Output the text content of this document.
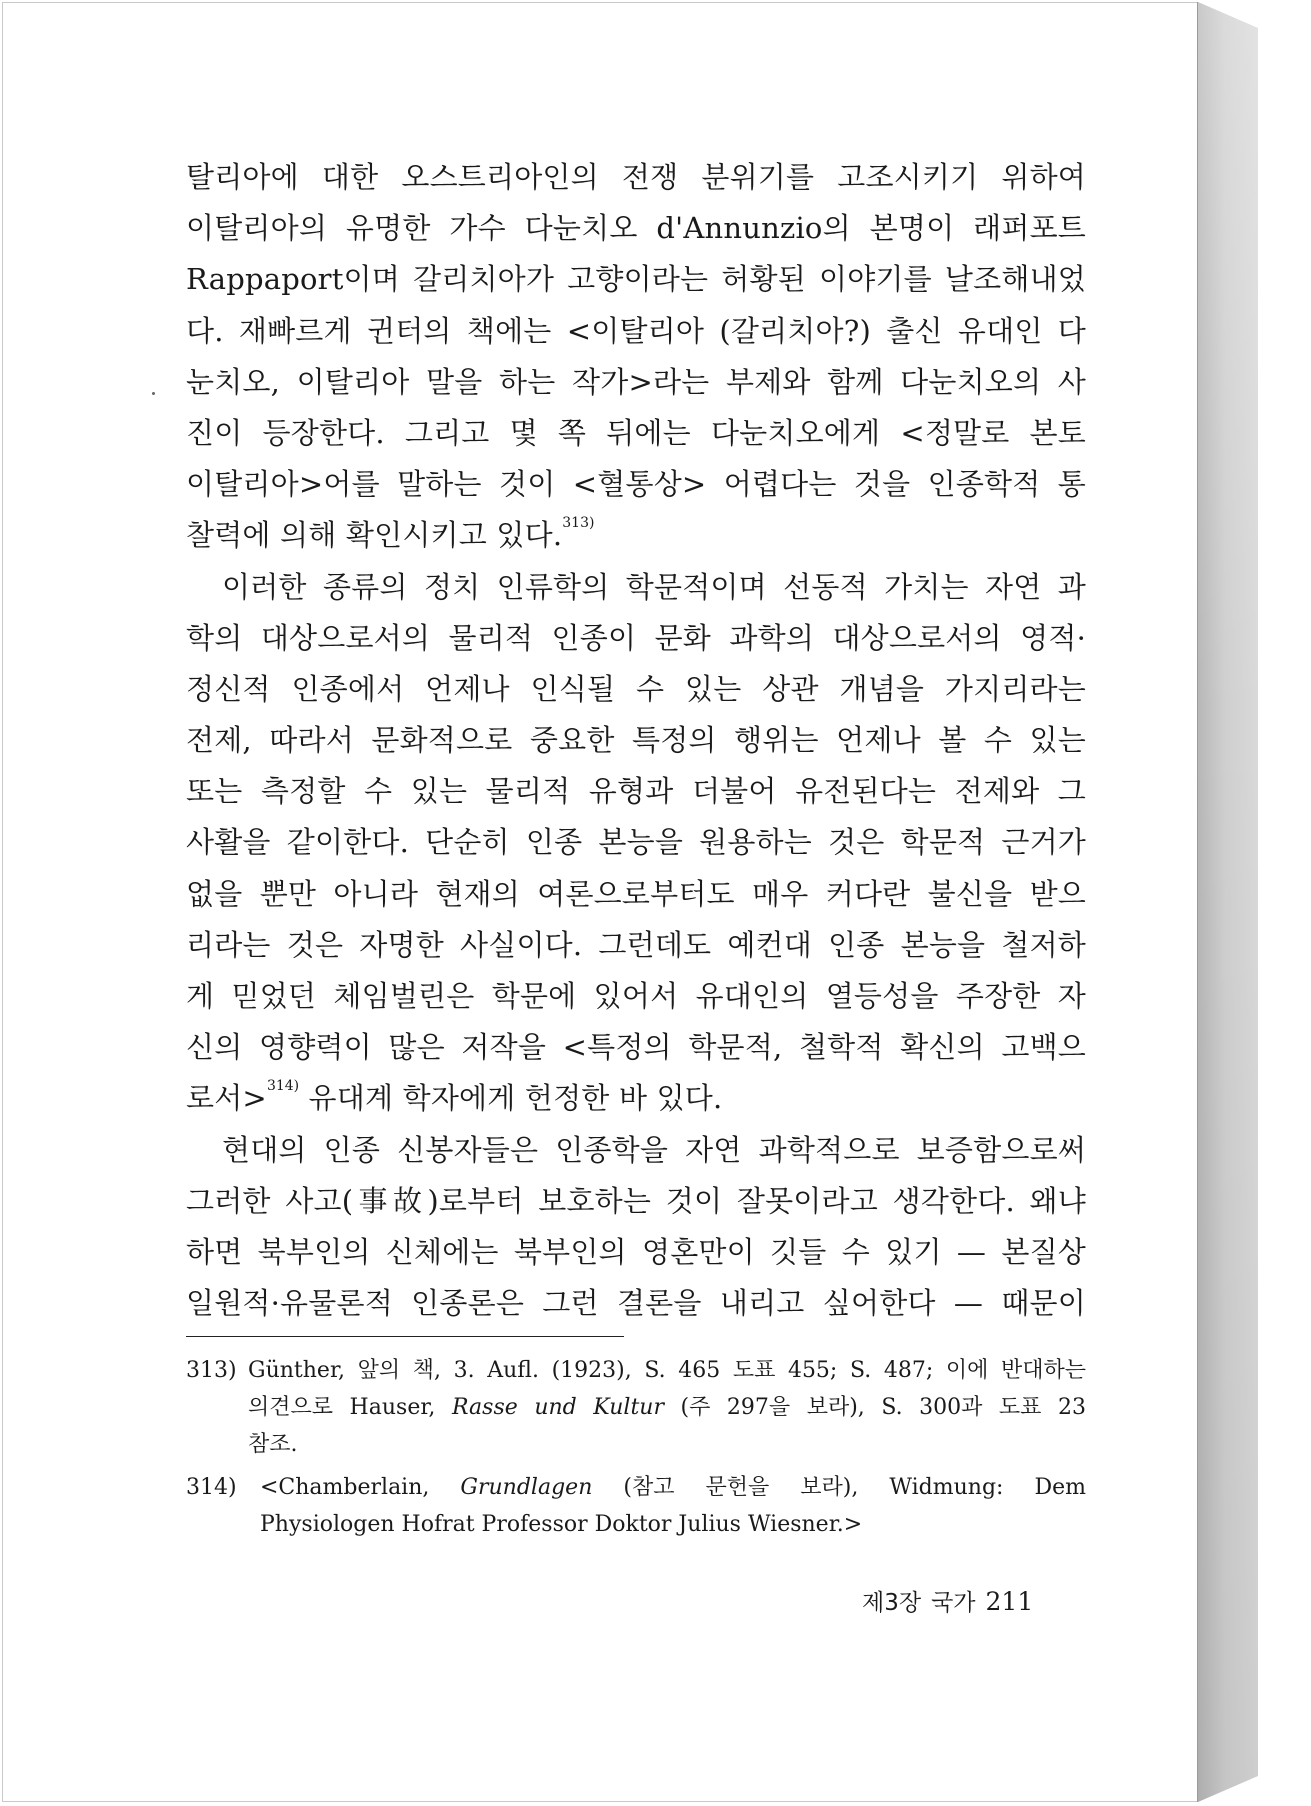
탈리아에 대한 오스트리아인의 전쟁 분위기를 고조시키기 위하여
이탈리아의 유명한 가수 다눈치오 d'Annunzio의 본명이 래퍼포트
Rappaport이며 갈리치아가 고향이라는 허황된 이야기를 날조해내었
다. 재빠르게 귄터의 책에는 <이탈리아 (갈리치아?) 출신 유대인 다
눈치오, 이탈리아 말을 하는 작가>라는 부제와 함께 다눈치오의 사
진이 등장한다. 그리고 몇 쪽 뒤에는 다눈치오에게 <정말로 본토
이탈리아>어를 말하는 것이 <혈통상> 어렵다는 것을 인종학적 통
찰력에 의해 확인시키고 있다.$^{313)}$
이러한 종류의 정치 인류학의 학문적이며 선동적 가치는 자연 과
학의 대상으로서의 물리적 인종이 문화 과학의 대상으로서의 영적·
정신적 인종에서 언제나 인식될 수 있는 상관 개념을 가지리라는
전제, 따라서 문화적으로 중요한 특정의 행위는 언제나 볼 수 있는
또는 측정할 수 있는 물리적 유형과 더불어 유전된다는 전제와 그
사활을 같이한다. 단순히 인종 본능을 원용하는 것은 학문적 근거가
없을 뿐만 아니라 현재의 여론으로부터도 매우 커다란 불신을 받으
리라는 것은 자명한 사실이다. 그런데도 예컨대 인종 본능을 철저하
게 믿었던 체임벌린은 학문에 있어서 유대인의 열등성을 주장한 자
신의 영향력이 많은 저작을 <특정의 학문적, 철학적 확신의 고백으
로서>$^{314)}$ 유대계 학자에게 헌정한 바 있다.
현대의 인종 신봉자들은 인종학을 자연 과학적으로 보증함으로써
그러한 사고(事故)로부터 보호하는 것이 잘못이라고 생각한다. 왜냐
하면 북부인의 신체에는 북부인의 영혼만이 깃들 수 있기 — 본질상
일원적·유물론적 인종론은 그런 결론을 내리고 싶어한다 — 때문이
313) Günther, 앞의 책, 3. Aufl. (1923), S. 465 도표 455; S. 487; 이에 반대하는
의견으로 Hauser, Rasse und Kultur (주 297을 보라), S. 300과 도표 23
참조.
314) <Chamberlain, Grundlagen (참고 문헌을 보라), Widmung: Dem
Physiologen Hofrat Professor Doktor Julius Wiesner.>
제3장 국가 211
